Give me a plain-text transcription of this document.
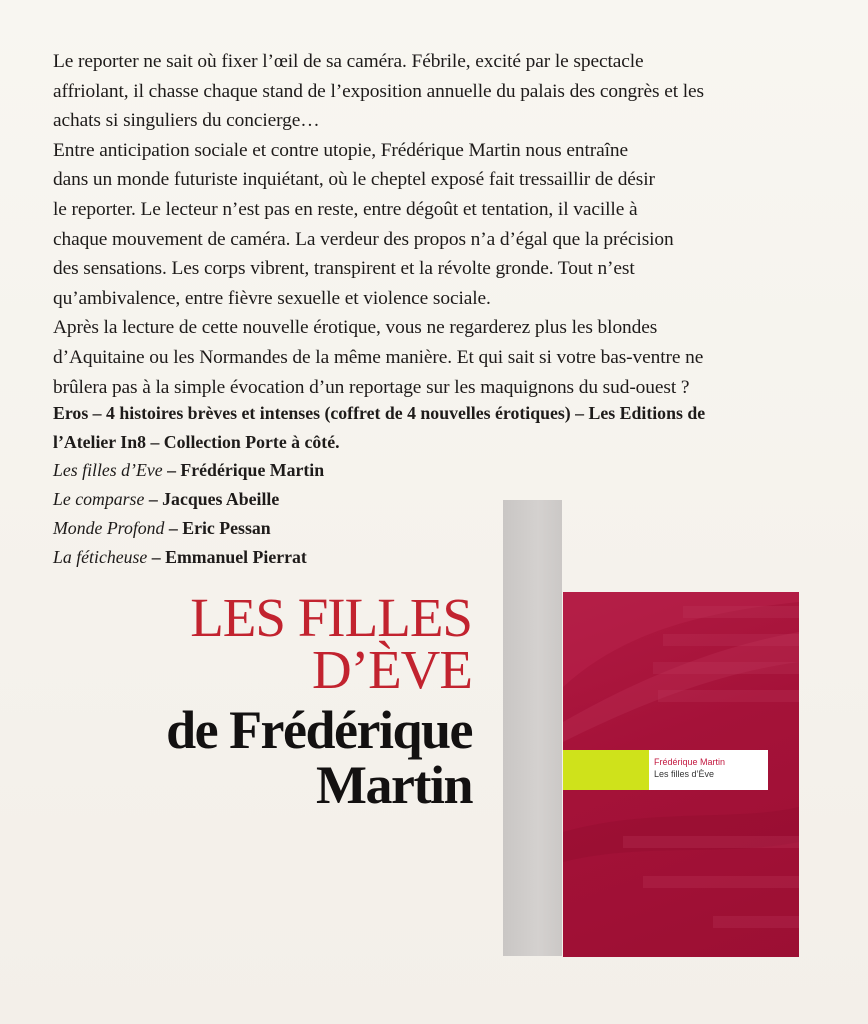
Le reporter ne sait où fixer l’œil de sa caméra. Fébrile, excité par le spectacle
affriolant, il chasse chaque stand de l’exposition annuelle du palais des congrès et les
achats si singuliers du concierge…
Entre anticipation sociale et contre utopie, Frédérique Martin nous entraîne
dans un monde futuriste inquiétant, où le cheptel exposé fait tressaillir de désir
le reporter. Le lecteur n’est pas en reste, entre dégoût et tentation, il vacille à
chaque mouvement de caméra. La verdeur des propos n’a d’égal que la précision
des sensations. Les corps vibrent, transpirent et la révolte gronde. Tout n’est
qu’ambivalence, entre fièvre sexuelle et violence sociale.
Après la lecture de cette nouvelle érotique, vous ne regarderez plus les blondes
d’Aquitaine ou les Normandes de la même manière. Et qui sait si votre bas-ventre ne
brûlera pas à la simple évocation d’un reportage sur les maquignons du sud-ouest ?
Eros – 4 histoires brèves et intenses (coffret de 4 nouvelles érotiques) – Les Editions de
l’Atelier In8 – Collection Porte à côté.
Les filles d’Eve – Frédérique Martin
Le comparse – Jacques Abeille
Monde Profond – Eric Pessan
La féticheuse – Emmanuel Pierrat
LES FILLES
D’ÈVE
de Frédérique
Martin	Frédérique Martin
Les filles d’Ève
